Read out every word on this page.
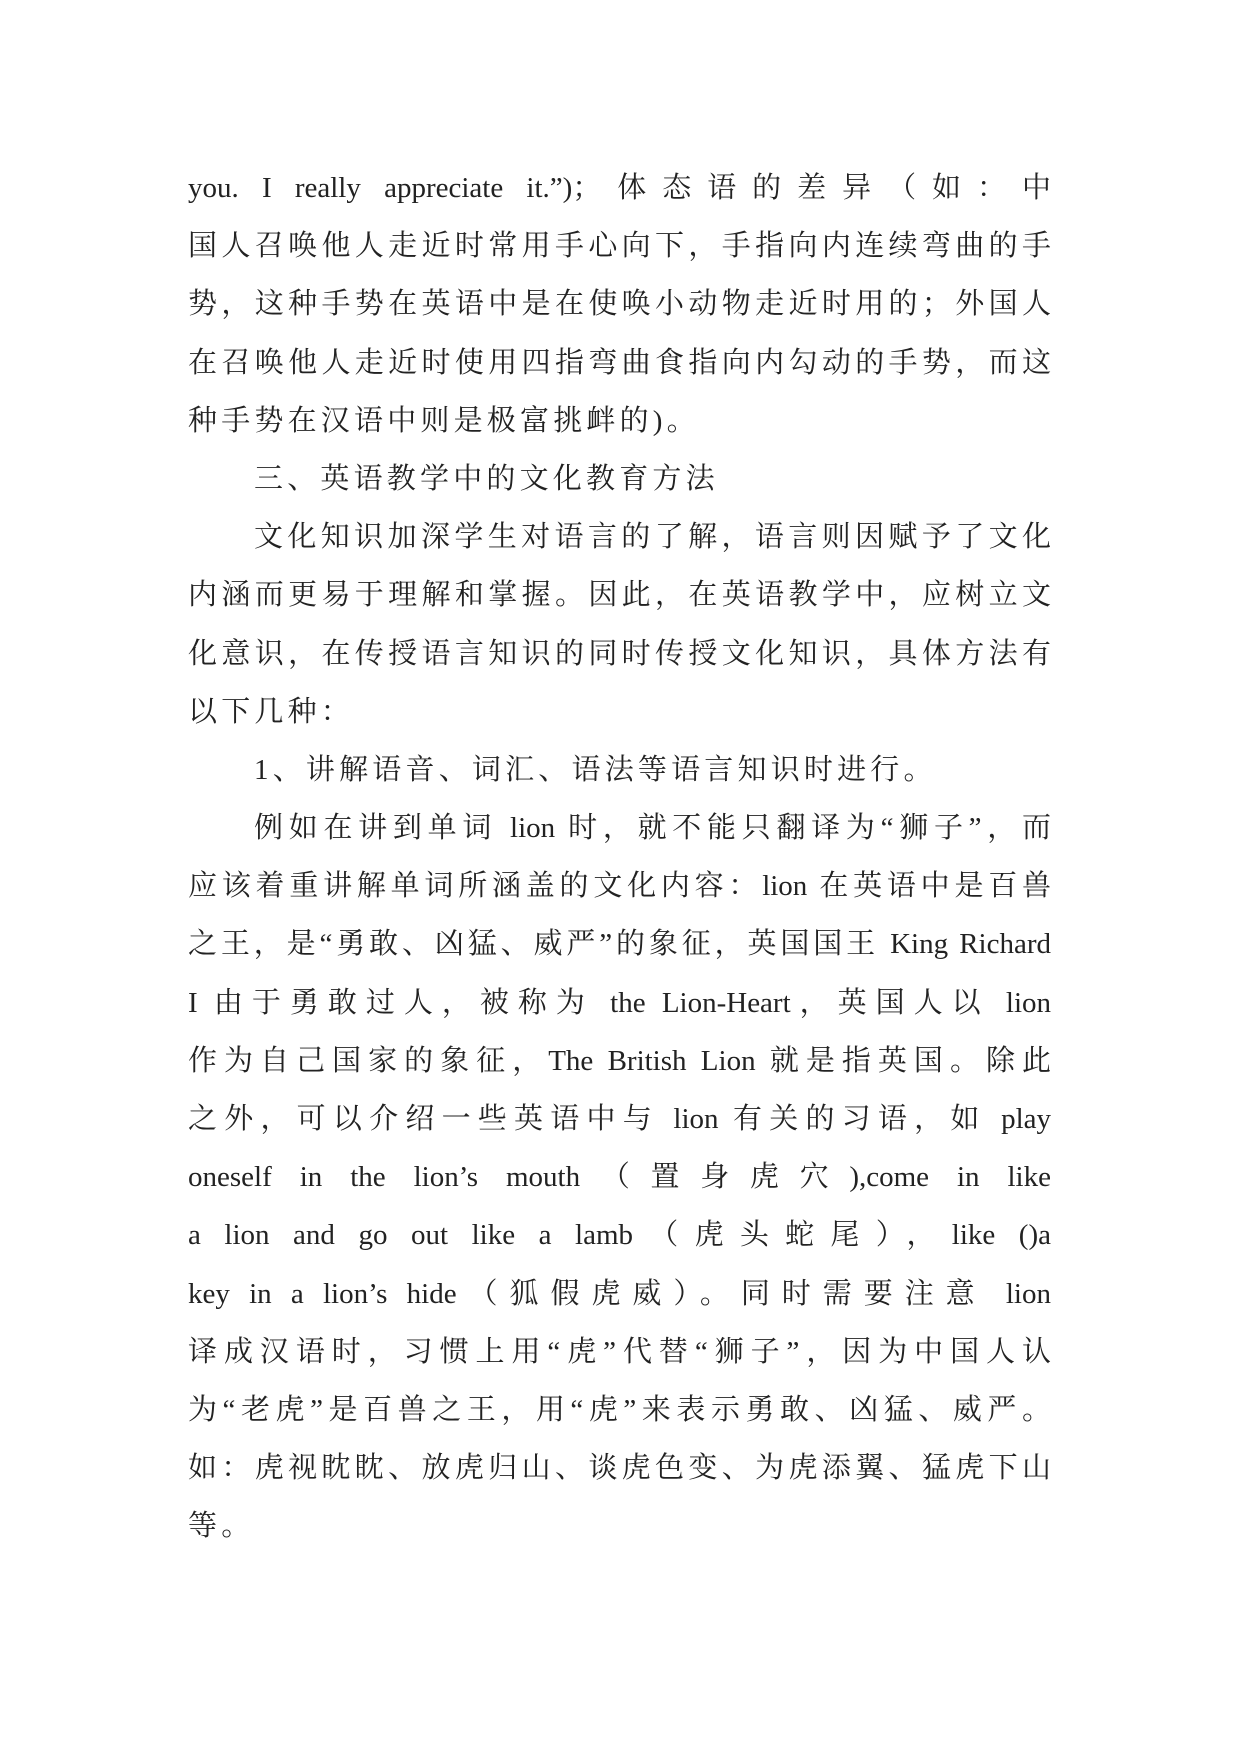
you. I really appreciate it.”)；体态语的差异（如：中
国人召唤他人走近时常用手心向下，手指向内连续弯曲的手
势，这种手势在英语中是在使唤小动物走近时用的；外国人
在召唤他人走近时使用四指弯曲食指向内勾动的手势，而这
种手势在汉语中则是极富挑衅的)。
三、英语教学中的文化教育方法
文化知识加深学生对语言的了解，语言则因赋予了文化
内涵而更易于理解和掌握。因此，在英语教学中，应树立文
化意识，在传授语言知识的同时传授文化知识，具体方法有
以下几种：
1、讲解语音、词汇、语法等语言知识时进行。
例如在讲到单词 lion 时，就不能只翻译为“狮子”，而
应该着重讲解单词所涵盖的文化内容：lion 在英语中是百兽
之王，是“勇敢、凶猛、威严”的象征，英国国王 King Richard
I 由于勇敢过人，被称为 the Lion-Heart，英国人以 lion
作为自己国家的象征，The British Lion 就是指英国。除此
之外，可以介绍一些英语中与 lion 有关的习语，如 play
oneself in the lion’s mouth（置身虎穴),come in like
a lion and go out like a lamb（虎头蛇尾），like ()a
key in a lion’s hide（狐假虎威）。同时需要注意 lion
译成汉语时，习惯上用“虎”代替“狮子”，因为中国人认
为“老虎”是百兽之王，用“虎”来表示勇敢、凶猛、威严。
如：虎视眈眈、放虎归山、谈虎色变、为虎添翼、猛虎下山
等。
